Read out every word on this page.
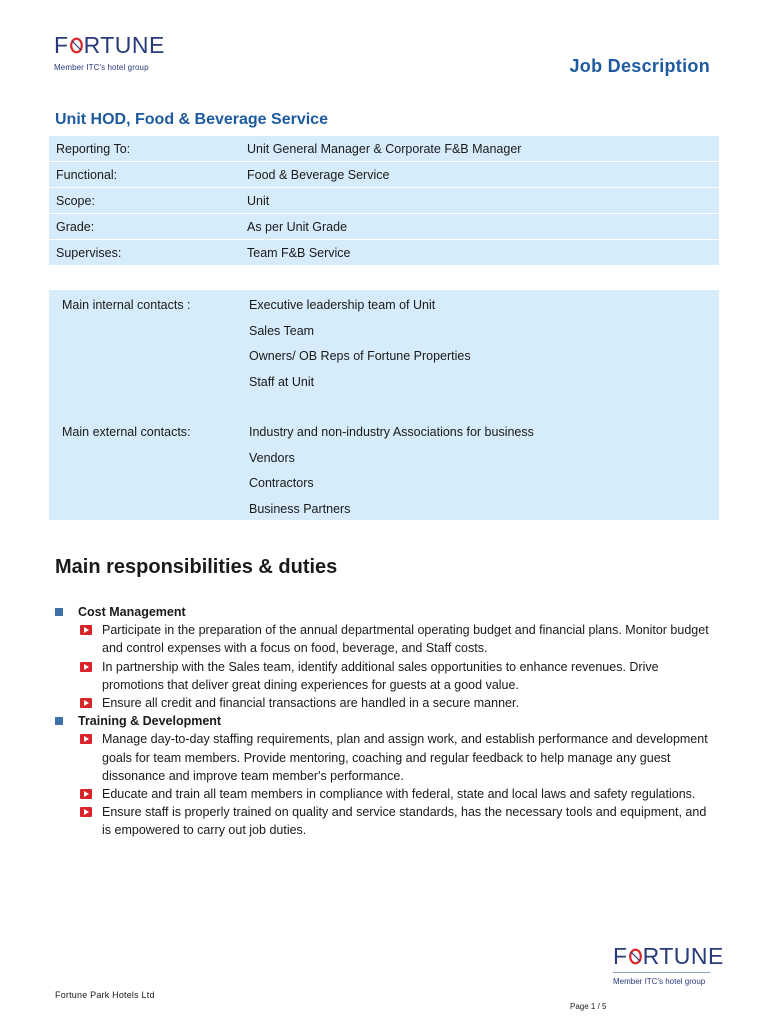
F RTUNE
Member ITC's hotel group	Job Description
Unit HOD, Food & Beverage Service
Reporting To:	Unit General Manager & Corporate F&B Manager
Functional:	Food & Beverage Service
Scope:	Unit
Grade:	As per Unit Grade
Supervises:	Team F&B Service
Main internal contacts :	Executive leadership team of Unit
Sales Team
Owners/ OB Reps of Fortune Properties
Staff at Unit
Main external contacts:	Industry and non-industry Associations for business
Vendors
Contractors
Business Partners
Main responsibilities & duties
Cost Management
Participate in the preparation of the annual departmental operating budget and financial plans. Monitor budget and control expenses with a focus on food, beverage, and Staff costs.
In partnership with the Sales team, identify additional sales opportunities to enhance revenues. Drive promotions that deliver great dining experiences for guests at a good value.
Ensure all credit and financial transactions are handled in a secure manner.
Training & Development
Manage day-to-day staffing requirements, plan and assign work, and establish performance and development goals for team members. Provide mentoring, coaching and regular feedback to help manage any guest dissonance and improve team member's performance.
Educate and train all team members in compliance with federal, state and local laws and safety regulations.
Ensure staff is properly trained on quality and service standards, has the necessary tools and equipment, and is empowered to carry out job duties.
F RTUNE
Member ITC's hotel group
Fortune Park Hotels Ltd
Page 1 / 5
